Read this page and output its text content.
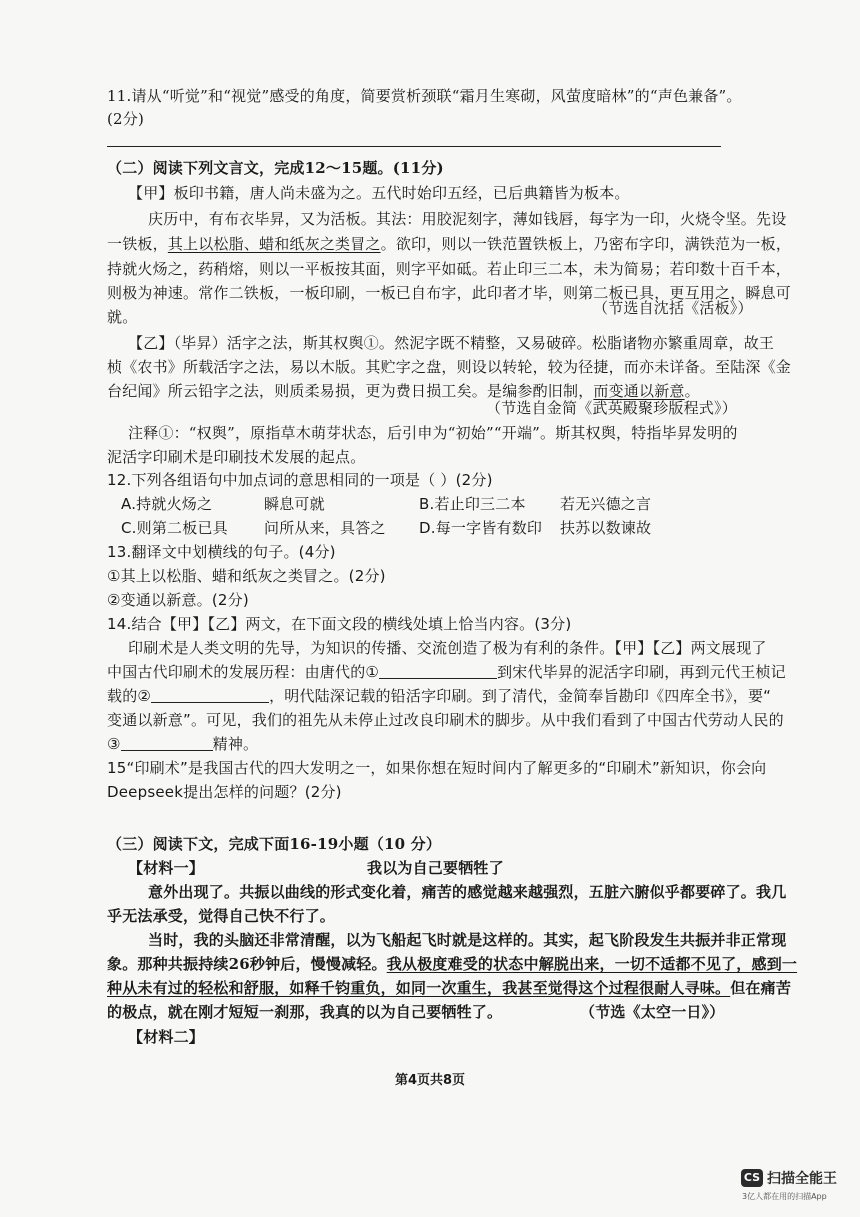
11.请从“听觉”和“视觉”感受的角度，简要赏析颈联“霜月生寒砌，风萤度暗林”的“声色兼备”。
(2分)
（二）阅读下列文言文，完成12～15题。(11分)
【甲】板印书籍，唐人尚未盛为之。五代时始印五经，已后典籍皆为板本。
庆历中，有布衣毕昇，又为活板。其法：用胶泥刻字，薄如钱唇，每字为一印，火烧令坚。先设
一铁板，其上以松脂、蜡和纸灰之类冒之。欲印，则以一铁范置铁板上，乃密布字印，满铁范为一板，
持就火炀之，药稍熔，则以一平板按其面，则字平如砥。若止印三二本，未为简易；若印数十百千本，
则极为神速。常作二铁板，一板印刷，一板已自布字，此印者才毕，则第二板已具，更互用之，瞬息可
就。	（节选自沈括《活板》）
【乙】（毕昇）活字之法，斯其权舆①。然泥字既不精整，又易破碎。松脂诸物亦繁重周章，故王
桢《农书》所载活字之法，易以木版。其贮字之盘，则设以转轮，较为径捷，而亦未详备。至陆深《金
台纪闻》所云铅字之法，则质柔易损，更为费日损工矣。是编参酌旧制，而变通以新意。
（节选自金简《武英殿聚珍版程式》）
注释①：“权舆”，原指草木萌芽状态，后引申为“初始”“开端”。斯其权舆，特指毕昇发明的
泥活字印刷术是印刷技术发展的起点。
12.下列各组语句中加点词的意思相同的一项是（ ）(2分)
A.持就火炀之	瞬息可就	B.若止印三二本 若无兴德之言
C.则第二板已具 问所从来，具答之 D.每一字皆有数印 扶苏以数谏故
13.翻译文中划横线的句子。(4分)
①其上以松脂、蜡和纸灰之类冒之。(2分)
②变通以新意。(2分)
14.结合【甲】【乙】两文，在下面文段的横线处填上恰当内容。(3分)
印刷术是人类文明的先导，为知识的传播、交流创造了极为有利的条件。【甲】【乙】两文展现了
中国古代印刷术的发展历程：由唐代的①	到宋代毕昇的泥活字印刷，再到元代王桢记
载的②	，明代陆深记载的铅活字印刷。到了清代，金简奉旨勘印《四库全书》，要“
变通以新意”。可见，我们的祖先从未停止过改良印刷术的脚步。从中我们看到了中国古代劳动人民的
③	精神。
15“印刷术”是我国古代的四大发明之一，如果你想在短时间内了解更多的“印刷术”新知识，你会向
Deepseek提出怎样的问题？(2分)
（三）阅读下文，完成下面16-19小题（10 分）
【材料一】	我以为自己要牺牲了
意外出现了。共振以曲线的形式变化着，痛苦的感觉越来越强烈，五脏六腑似乎都要碎了。我几
乎无法承受，觉得自己快不行了。
当时，我的头脑还非常清醒，以为飞船起飞时就是这样的。其实，起飞阶段发生共振并非正常现
象。那种共振持续26秒钟后，慢慢减轻。我从极度难受的状态中解脱出来，一切不适都不见了，感到一
种从未有过的轻松和舒服，如释千钧重负，如同一次重生，我甚至觉得这个过程很耐人寻味。但在痛苦
的极点，就在刚才短短一刹那，我真的以为自己要牺牲了。	（节选《太空一日》）
【材料二】
第4页共8页
CS 扫描全能王
3亿人都在用的扫描App
